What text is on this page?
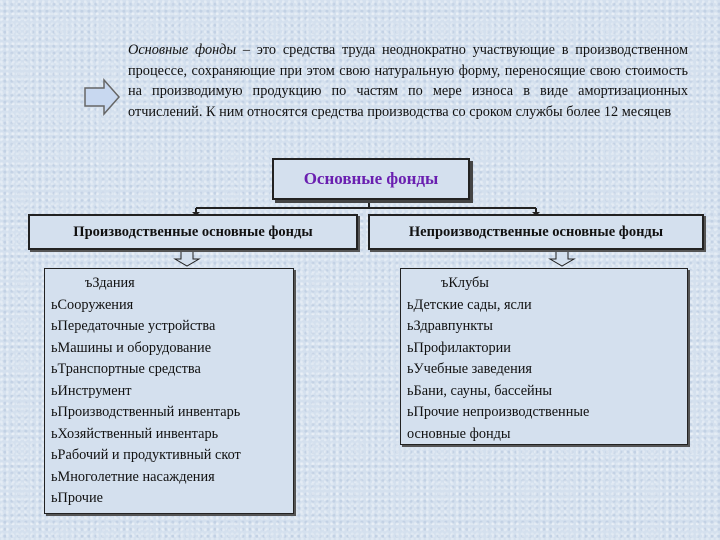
Основные фонды – это средства труда неоднократно участвующие в производственном процессе, сохраняющие при этом свою натуральную форму, переносящие свою стоимость на производимую продукцию по частям по мере износа в виде амортизационных отчислений. К ним относятся средства производства со сроком службы более 12 месяцев
Основные фонды
Производственные основные фонды	Непроизводственные основные фонды
ъЗдания
ьСооружения
ьПередаточные устройства
ьМашины и оборудование
ьТранспортные средства
ьИнструмент
ьПроизводственный инвентарь
ьХозяйственный инвентарь
ьРабочий и продуктивный скот
ьМноголетние насаждения
ьПрочие
ъКлубы
ьДетские сады, ясли
ьЗдравпункты
ьПрофилактории
ьУчебные заведения
ьБани, сауны, бассейны
ьПрочие непроизводственные
основные фонды
